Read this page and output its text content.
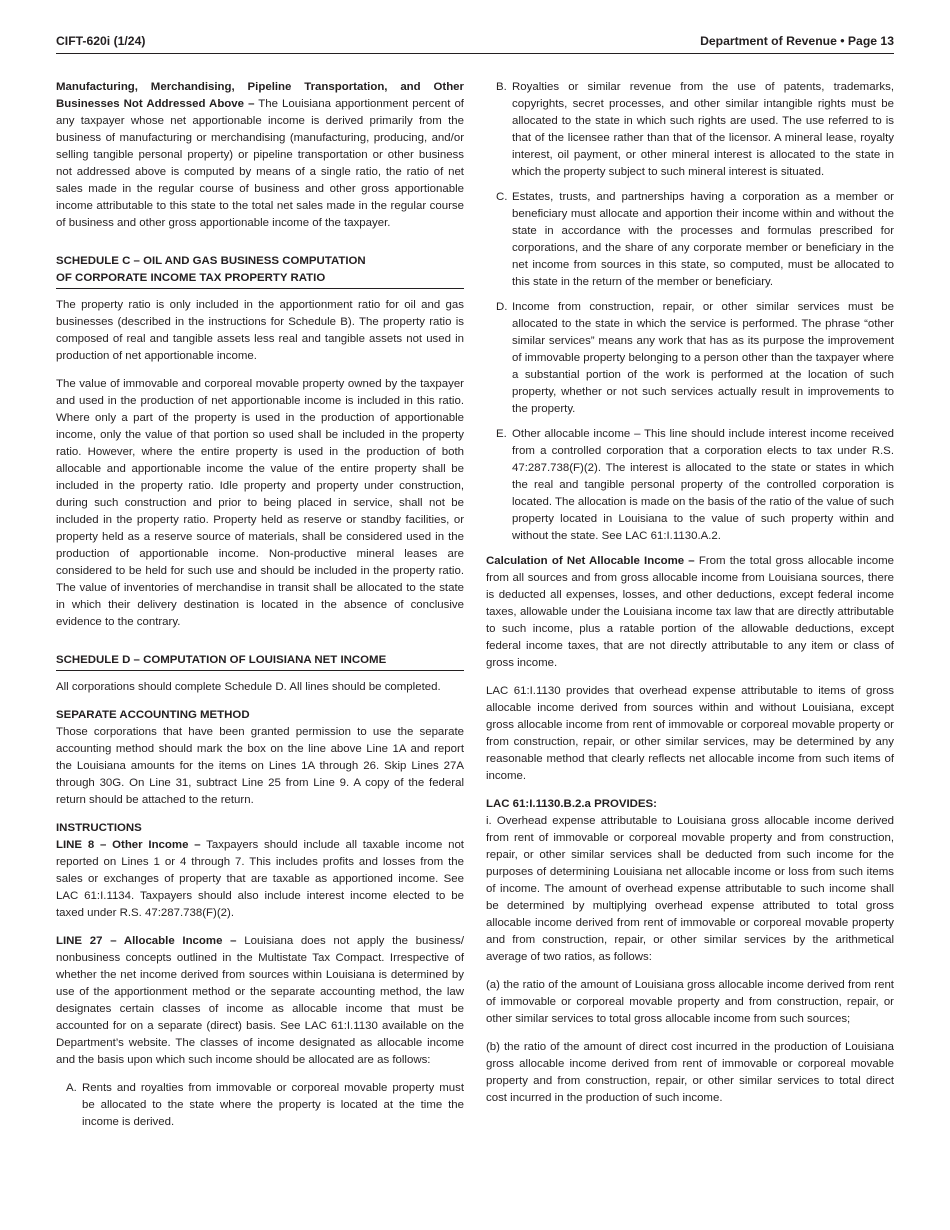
CIFT-620i (1/24)	Department of Revenue • Page 13

Manufacturing, Merchandising, Pipeline Transportation, and Other Businesses Not Addressed Above – The Louisiana apportionment percent of any taxpayer whose net apportionable income is derived primarily from the business of manufacturing or merchandising (manufacturing, producing, and/or selling tangible personal property) or pipeline transportation or other business not addressed above is computed by means of a single ratio, the ratio of net sales made in the regular course of business and other gross apportionable income attributable to this state to the total net sales made in the regular course of business and other gross apportionable income of the taxpayer.

SCHEDULE C – OIL AND GAS BUSINESS COMPUTATION
OF CORPORATE INCOME TAX PROPERTY RATIO

The property ratio is only included in the apportionment ratio for oil and gas businesses (described in the instructions for Schedule B). The property ratio is composed of real and tangible assets less real and tangible assets not used in production of net apportionable income.

The value of immovable and corporeal movable property owned by the taxpayer and used in the production of net apportionable income is included in this ratio. Where only a part of the property is used in the production of apportionable income, only the value of that portion so used shall be included in the property ratio. However, where the entire property is used in the production of both allocable and apportionable income the value of the entire property shall be included in the property ratio. Idle property and property under construction, during such construction and prior to being placed in service, shall not be included in the property ratio. Property held as reserve or standby facilities, or property held as a reserve source of materials, shall be considered used in the production of apportionable income. Non-productive mineral leases are considered to be held for such use and should be included in the property ratio. The value of inventories of merchandise in transit shall be allocated to the state in which their delivery destination is located in the absence of conclusive evidence to the contrary.

SCHEDULE D – COMPUTATION OF LOUISIANA NET INCOME

All corporations should complete Schedule D. All lines should be completed.

SEPARATE ACCOUNTING METHOD

Those corporations that have been granted permission to use the separate accounting method should mark the box on the line above Line 1A and report the Louisiana amounts for the items on Lines 1A through 26. Skip Lines 27A through 30G. On Line 31, subtract Line 25 from Line 9. A copy of the federal return should be attached to the return.

INSTRUCTIONS

LINE 8 – Other Income – Taxpayers should include all taxable income not reported on Lines 1 or 4 through 7. This includes profits and losses from the sales or exchanges of property that are taxable as apportioned income. See LAC 61:I.1134. Taxpayers should also include interest income elected to be taxed under R.S. 47:287.738(F)(2).

LINE 27 – Allocable Income – Louisiana does not apply the business/ nonbusiness concepts outlined in the Multistate Tax Compact. Irrespective of whether the net income derived from sources within Louisiana is determined by use of the apportionment method or the separate accounting method, the law designates certain classes of income as allocable income that must be accounted for on a separate (direct) basis. See LAC 61:I.1130 available on the Department’s website. The classes of income designated as allocable income and the basis upon which such income should be allocated are as follows:

A. Rents and royalties from immovable or corporeal movable property must be allocated to the state where the property is located at the time the income is derived.
B. Royalties or similar revenue from the use of patents, trademarks, copyrights, secret processes, and other similar intangible rights must be allocated to the state in which such rights are used. The use referred to is that of the licensee rather than that of the licensor. A mineral lease, royalty interest, oil payment, or other mineral interest is allocated to the state in which the property subject to such mineral interest is situated.
C. Estates, trusts, and partnerships having a corporation as a member or beneficiary must allocate and apportion their income within and without the state in accordance with the processes and formulas prescribed for corporations, and the share of any corporate member or beneficiary in the net income from sources in this state, so computed, must be allocated to this state in the return of the member or beneficiary.
D. Income from construction, repair, or other similar services must be allocated to the state in which the service is performed. The phrase “other similar services” means any work that has as its purpose the improvement of immovable property belonging to a person other than the taxpayer where a substantial portion of the work is performed at the location of such property, whether or not such services actually result in improvements to the property.
E. Other allocable income – This line should include interest income received from a controlled corporation that a corporation elects to tax under R.S. 47:287.738(F)(2). The interest is allocated to the state or states in which the real and tangible personal property of the controlled corporation is located. The allocation is made on the basis of the ratio of the value of such property located in Louisiana to the value of such property within and without the state. See LAC 61:I.1130.A.2.

Calculation of Net Allocable Income – From the total gross allocable income from all sources and from gross allocable income from Louisiana sources, there is deducted all expenses, losses, and other deductions, except federal income taxes, allowable under the Louisiana income tax law that are directly attributable to such income, plus a ratable portion of the allowable deductions, except federal income taxes, that are not directly attributable to any item or class of gross income.

LAC 61:I.1130 provides that overhead expense attributable to items of gross allocable income derived from sources within and without Louisiana, except gross allocable income from rent of immovable or corporeal movable property or from construction, repair, or other similar services, may be determined by any reasonable method that clearly reflects net allocable income from such items of income.

LAC 61:I.1130.B.2.a PROVIDES:

i. Overhead expense attributable to Louisiana gross allocable income derived from rent of immovable or corporeal movable property and from construction, repair, or other similar services shall be deducted from such income for the purposes of determining Louisiana net allocable income or loss from such items of income. The amount of overhead expense attributable to such income shall be determined by multiplying overhead expense attributed to total gross allocable income derived from rent of immovable or corporeal movable property and from construction, repair, or other similar services by the arithmetical average of two ratios, as follows:

(a) the ratio of the amount of Louisiana gross allocable income derived from rent of immovable or corporeal movable property and from construction, repair, or other similar services to total gross allocable income from such sources;

(b) the ratio of the amount of direct cost incurred in the production of Louisiana gross allocable income derived from rent of immovable or corporeal movable property and from construction, repair, or other similar services to total direct cost incurred in the production of such income.
